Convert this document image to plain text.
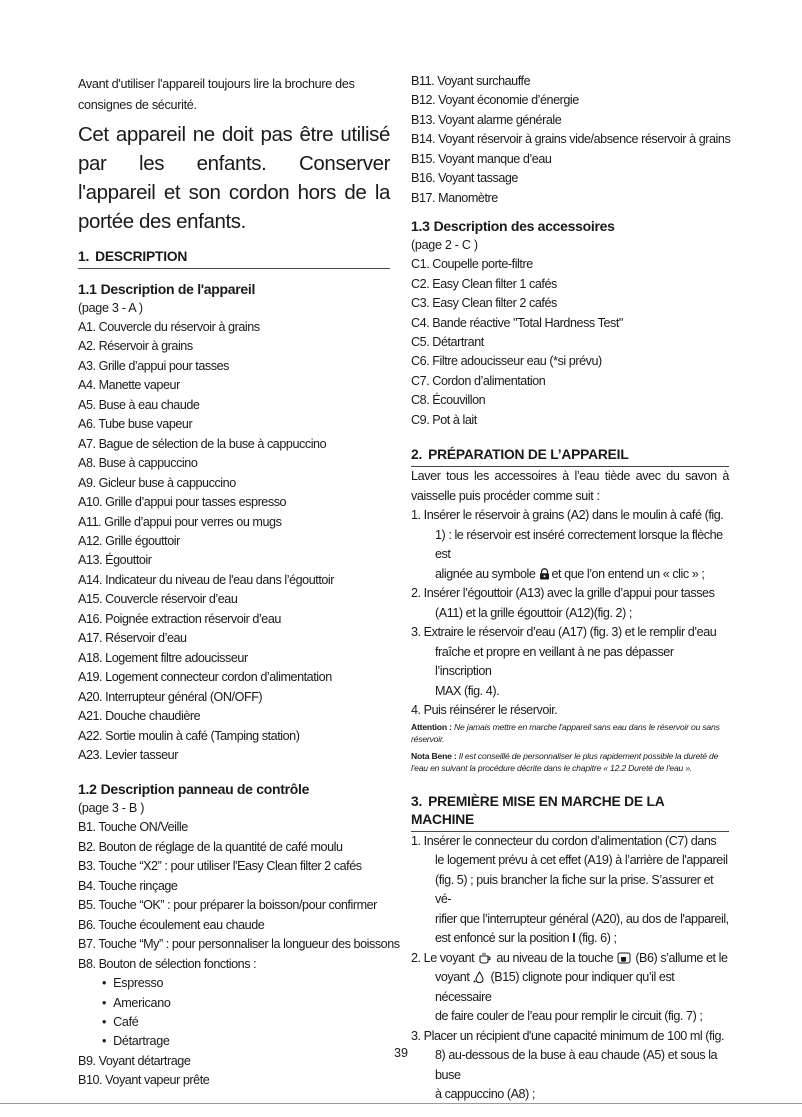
Avant d'utiliser l'appareil toujours lire la brochure des consignes de sécurité.
Cet appareil ne doit pas être utilisé par les enfants. Conserver l'appareil et son cordon hors de la portée des enfants.
1. DESCRIPTION
1.1 Description de l'appareil
(page 3 - A )
A1. Couvercle du réservoir à grains
A2. Réservoir à grains
A3. Grille d’appui pour tasses
A4. Manette vapeur
A5. Buse à eau chaude
A6. Tube buse vapeur
A7. Bague de sélection de la buse à cappuccino
A8. Buse à cappuccino
A9. Gicleur buse à cappuccino
A10. Grille d’appui pour tasses espresso
A11. Grille d’appui pour verres ou mugs
A12. Grille égouttoir
A13. Égouttoir
A14. Indicateur du niveau de l'eau dans l’égouttoir
A15. Couvercle réservoir d’eau
A16. Poignée extraction réservoir d’eau
A17. Réservoir d’eau
A18. Logement filtre adoucisseur
A19. Logement connecteur cordon d’alimentation
A20. Interrupteur général (ON/OFF)
A21. Douche chaudière
A22. Sortie moulin à café (Tamping station)
A23. Levier tasseur
1.2 Description panneau de contrôle
(page 3 - B )
B1. Touche ON/Veille
B2. Bouton de réglage de la quantité de café moulu
B3. Touche “X2” : pour utiliser l'Easy Clean filter 2 cafés
B4. Touche rinçage
B5. Touche “OK” : pour préparer la boisson/pour confirmer
B6. Touche écoulement eau chaude
B7. Touche “My” : pour personnaliser la longueur des boissons
B8. Bouton de sélection fonctions :
• Espresso
• Americano
• Café
• Détartrage
B9. Voyant détartrage
B10. Voyant vapeur prête
B11. Voyant surchauffe
B12. Voyant économie d’énergie
B13. Voyant alarme générale
B14. Voyant réservoir à grains vide/absence réservoir à grains
B15. Voyant manque d’eau
B16. Voyant tassage
B17. Manomètre
1.3 Description des accessoires
(page 2 - C )
C1. Coupelle porte-filtre
C2. Easy Clean filter 1 cafés
C3. Easy Clean filter 2 cafés
C4. Bande réactive "Total Hardness Test"
C5. Détartrant
C6. Filtre adoucisseur eau (*si prévu)
C7. Cordon d’alimentation
C8. Écouvillon
C9. Pot à lait
2. PRÉPARATION DE L’APPAREIL
Laver tous les accessoires à l’eau tiède avec du savon à vaisselle puis procéder comme suit :
1. Insérer le réservoir à grains (A2) dans le moulin à café (fig.
1) : le réservoir est inséré correctement lorsque la flèche est
alignée au symbole et que l’on entend un « clic » ;
2. Insérer l’égouttoir (A13) avec la grille d’appui pour tasses
(A11) et la grille égouttoir (A12)(fig. 2) ;
3. Extraire le réservoir d’eau (A17) (fig. 3) et le remplir d’eau
fraîche et propre en veillant à ne pas dépasser l’inscription
MAX (fig. 4).
4. Puis réinsérer le réservoir.
Attention : Ne jamais mettre en marche l'appareil sans eau dans le réservoir ou sans réservoir.
Nota Bene : Il est conseillé de personnaliser le plus rapidement possible la dureté de l'eau en suivant la procédure décrite dans le chapitre « 12.2 Dureté de l'eau ».
3. PREMIÈRE MISE EN MARCHE DE LA MACHINE
1. Insérer le connecteur du cordon d’alimentation (C7) dans
le logement prévu à cet effet (A19) à l’arrière de l'appareil
(fig. 5) ; puis brancher la fiche sur la prise. S’assurer et vé-
rifier que l’interrupteur général (A20), au dos de l'appareil,
est enfoncé sur la position I (fig. 6) ;
2. Le voyant au niveau de la touche (B6) s’allume et le
voyant (B15) clignote pour indiquer qu’il est nécessaire
de faire couler de l’eau pour remplir le circuit (fig. 7) ;
3. Placer un récipient d'une capacité minimum de 100 ml (fig.
8) au-dessous de la buse à eau chaude (A5) et sous la buse
à cappuccino (A8) ;
39
